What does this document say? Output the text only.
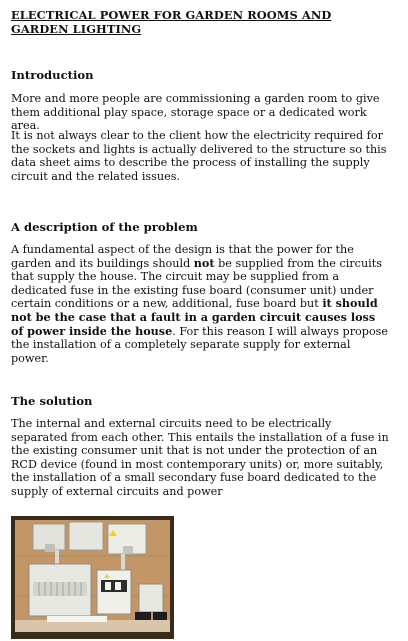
ELECTRICAL POWER FOR GARDEN ROOMS AND GARDEN LIGHTING
Introduction
More and more people are commissioning a garden room to give them additional play space, storage space or a dedicated work area.
It is not always clear to the client how the electricity required for the sockets and lights is actually delivered to the structure so this data sheet aims to describe the process of installing the supply circuit and the related issues.
A description of the problem
A fundamental aspect of the design is that the power for the garden and its buildings should not be supplied from the circuits that supply the house. The circuit may be supplied from a dedicated fuse in the existing fuse board (consumer unit) under certain conditions or a new, additional, fuse board but it should not be the case that a fault in a garden circuit causes loss of power inside the house. For this reason I will always propose the installation of a completely separate supply for external power.
The solution
The internal and external circuits need to be electrically separated from each other. This entails the installation of a fuse in the existing consumer unit that is not under the protection of an RCD device (found in most contemporary units) or, more suitably, the installation of a small secondary fuse board dedicated to the supply of external circuits and power
